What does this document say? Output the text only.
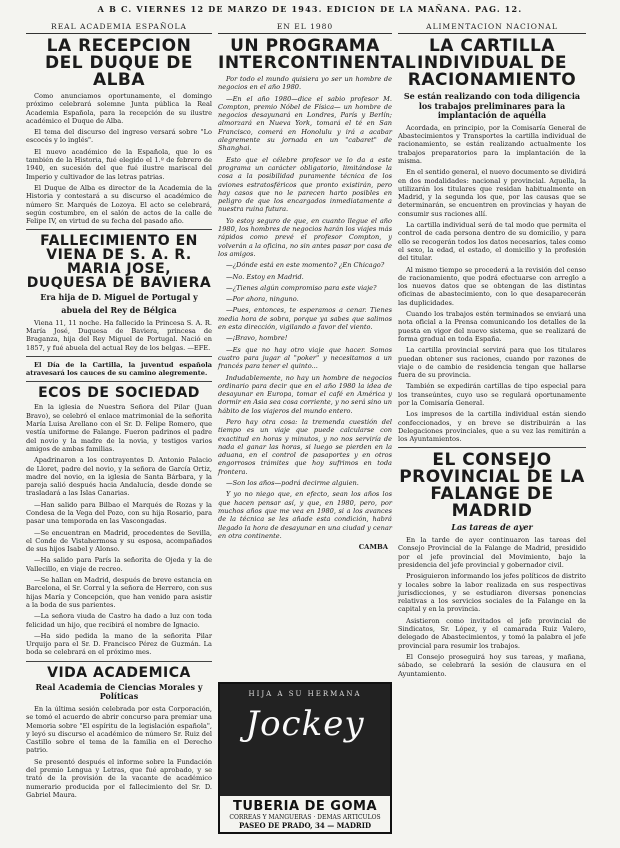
A B C. VIERNES 12 DE MARZO DE 1943. EDICION DE LA MAÑANA. PAG. 12.
REAL ACADEMIA ESPAÑOLA
LA RECEPCION DEL DUQUE DE ALBA

Como anunciamos oportunamente, el domingo próximo celebrará solemne Junta pública la Real Academia Española, para la recepción de su ilustre académico el Duque de Alba.

El tema del discurso del ingreso versará sobre "Lo escocés y lo inglés".

El nuevo académico de la Española, que lo es también de la Historia, fué elegido el 1.º de febrero de 1940, en sucesión del que fué ilustre mariscal del Imperio y cultivador de las letras patrias.

El Duque de Alba es director de la Academia de la Historia y contestará a su discurso el académico de número Sr. Marqués de Lozoya. El acto se celebrará, según costumbre, en el salón de actos de la calle de Felipe IV, en virtud de su fecha del pasado año.

FALLECIMIENTO EN VIENA DE S. A. R. MARIA JOSE, DUQUESA DE BAVIERA
Era hija de D. Miguel de Portugal y
abuela del Rey de Bélgica

Viena 11, 11 noche. Ha fallecido la Princesa S. A. R. María José, Duquesa de Baviera, princesa de Braganza, hija del Rey Miguel de Portugal. Nació en 1857, y fué abuela del actual Rey de los belgas. —EFE.

El Día de la Cartilla, la juventud española atravesará los cauces de su camino alegremente.

ECOS DE SOCIEDAD

En la iglesia de Nuestra Señora del Pilar (Juan Bravo), se celebró el enlace matrimonial de la señorita María Luisa Arellano con el Sr. D. Felipe Romero, que vestía uniforme de Falange. Fueron padrinos el padre del novio y la madre de la novia, y testigos varios amigos de ambas familias.

Apadrinaron a los contrayentes D. Antonio Palacio de Lloret, padre del novio, y la señora de García Ortiz, madre del novio, en la iglesia de Santa Bárbara, y la pareja salió después hacia Andalucía, desde donde se trasladará a las Islas Canarias.

—Han salido para Bilbao el Marqués de Rozas y la Condesa de la Vega del Pozo, con su hija Rosario, para pasar una temporada en las Vascongadas.

—Se encuentran en Madrid, procedentes de Sevilla, el Conde de Vistahermosa y su esposa, acompañados de sus hijos Isabel y Alonso.

—Ha salido para París la señorita de Ojeda y la de Vallecillo, en viaje de recreo.

—Se hallan en Madrid, después de breve estancia en Barcelona, el Sr. Corral y la señora de Herrero, con sus hijas María y Concepción, que han venido para asistir a la boda de sus parientes.

—La señora viuda de Castro ha dado a luz con toda felicidad un hijo, que recibirá el nombre de Ignacio.

—Ha sido pedida la mano de la señorita Pilar Urquijo para el Sr. D. Francisco Pérez de Guzmán. La boda se celebrará en el próximo mes.

VIDA ACADEMICA
Real Academia de Ciencias Morales y Políticas

En la última sesión celebrada por esta Corporación, se tomó el acuerdo de abrir concurso para premiar una Memoria sobre "El espíritu de la legislación española", y leyó su discurso el académico de número Sr. Ruiz del Castillo sobre el tema de la familia en el Derecho patrio.

Se presentó después el informe sobre la Fundación del premio Lengua y Letras, que fué aprobado, y se trató de la provisión de la vacante de académico numerario producida por el fallecimiento del Sr. D. Gabriel Maura.

EN EL 1980
UN PROGRAMA INTERCONTINENTAL

Por todo el mundo quisiera yo ser un hombre de negocios en el año 1980.

—En el año 1980—dice el sabio profesor M. Compton, premio Nóbel de Física— un hombre de negocios desayunará en Londres, París y Berlín; almorzará en Nueva York, tomará el té en San Francisco, comerá en Honolulu y irá a acabar alegremente su jornada en un "cabaret" de Shanghai.

Esto que el célebre profesor ve lo da a este programa un carácter obligatorio, limitándose la cosa a la posibilidad puramente técnica de los aviones estratosféricos que pronto existirán, pero hay casos que no le parecen harto posibles en peligro de que los encargados inmediatamente a nuestra ruina futura.

Yo estoy seguro de que, en cuanto llegue el año 1980, los hombres de negocios harán los viajes más rápidos como prevé el profesor Compton, y volverán a la oficina, no sin antes pasar por casa de los amigos.

—¿Dónde está en este momento? ¿En Chicago?

—No. Estoy en Madrid.

—¿Tienes algún compromiso para este viaje?

—Por ahora, ninguno.

—Pues, entonces, te esperamos a cenar. Tienes media hora de sobra, porque ya sabes que salimos en esta dirección, vigilando a favor del viento.

—¡Bravo, hombre!

—Es que no hay otro viaje que hacer. Somos cuatro para jugar al "poker" y necesitamos a un francés para tener el quinto...

Indudablemente, no hay un hombre de negocios ordinario para decir que en el año 1980 la idea de desayunar en Europa, tomar el café en América y dormir en Asia sea cosa corriente, y no será sino un hábito de los viajeros del mundo entero.

Pero hay otra cosa: la tremenda cuestión del tiempo es un viaje que puede calcularse con exactitud en horas y minutos, y no nos serviría de nada el ganar las horas, si luego se pierden en la aduana, en el control de pasaportes y en otros engorrosos trámites que hoy sufrimos en toda frontera.

—Son los años—podrá decirme alguien.

Y yo no niego que, en efecto, sean los años los que hacen pensar así, y que, en 1980, pero, por muchos años que me vea en 1980, si a los avances de la técnica se les añade esta condición, habrá llegado la hora de desayunar en una ciudad y cenar en otra continente.

CAMBA
HIJA A SU HERMANA
Jockey
TUBERIA DE GOMA
CORREAS Y MANGUERAS · DEMAS ARTICULOS
PASEO DE PRADO, 34 — MADRID
ALIMENTACION NACIONAL
LA CARTILLA INDIVIDUAL DE RACIONAMIENTO
Se están realizando con toda diligencia los trabajos preliminares para la implantación de aquélla

Acordada, en principio, por la Comisaría General de Abastecimientos y Transportes la cartilla individual de racionamiento, se están realizando actualmente los trabajos preparatorios para la implantación de la misma.

En el sentido general, el nuevo documento se dividirá en dos modalidades: nacional y provincial. Aquella, la utilizarán los titulares que residan habitualmente en Madrid, y la segunda los que, por las causas que se determinarán, se encuentren en provincias y hayan de consumir sus raciones allí.

La cartilla individual será de tal modo que permita el control de cada persona dentro de su domicilio, y para ello se recogerán todos los datos necesarios, tales como el sexo, la edad, el estado, el domicilio y la profesión del titular.

Al mismo tiempo se procederá a la revisión del censo de racionamiento, que podrá efectuarse con arreglo a los nuevos datos que se obtengan de las distintas oficinas de abastecimiento, con lo que desaparecerán las duplicidades.

Cuando los trabajos estén terminados se enviará una nota oficial a la Prensa comunicando los detalles de la puesta en vigor del nuevo sistema, que se realizará de forma gradual en toda España.

La cartilla provincial servirá para que los titulares puedan obtener sus raciones, cuando por razones de viaje o de cambio de residencia tengan que hallarse fuera de su provincia.

También se expedirán cartillas de tipo especial para los transeúntes, cuyo uso se regulará oportunamente por la Comisaría General.

Los impresos de la cartilla individual están siendo confeccionados, y en breve se distribuirán a las Delegaciones provinciales, que a su vez las remitirán a los Ayuntamientos.

EL CONSEJO PROVINCIAL DE LA FALANGE DE MADRID
Las tareas de ayer

En la tarde de ayer continuaron las tareas del Consejo Provincial de la Falange de Madrid, presidido por el jefe provincial del Movimiento, bajo la presidencia del jefe provincial y gobernador civil.

Prosiguieron informando los jefes políticos de distrito y locales sobre la labor realizada en sus respectivas jurisdicciones, y se estudiaron diversas ponencias relativas a los servicios sociales de la Falange en la capital y en la provincia.

Asistieron como invitados el jefe provincial de Sindicatos, Sr. López, y el camarada Ruiz Valero, delegado de Abastecimientos, y tomó la palabra el jefe provincial para resumir los trabajos.

El Consejo proseguirá hoy sus tareas, y mañana, sábado, se celebrará la sesión de clausura en el Ayuntamiento.
